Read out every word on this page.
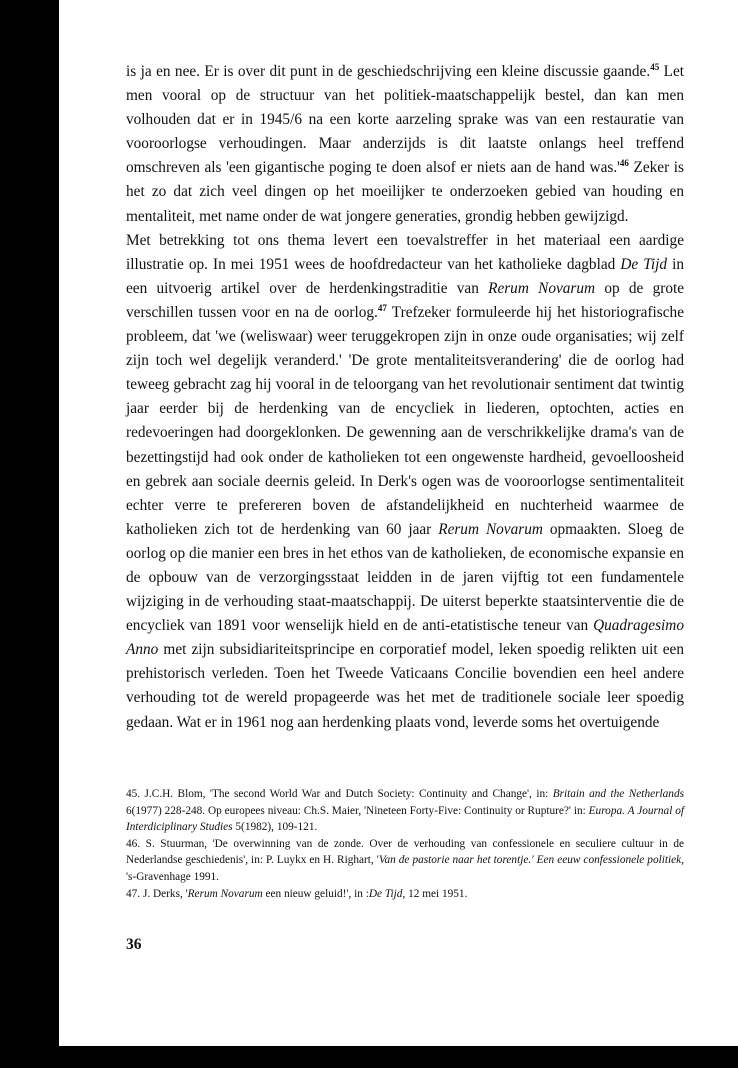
is ja en nee. Er is over dit punt in de geschiedschrijving een kleine discussie gaande.$^{45}$ Let men vooral op de structuur van het politiek-maatschappelijk bestel, dan kan men volhouden dat er in 1945/6 na een korte aarzeling sprake was van een restauratie van vooroorlogse verhoudingen. Maar anderzijds is dit laatste onlangs heel treffend omschreven als 'een gigantische poging te doen alsof er niets aan de hand $was.'^{46}$ Zeker is het zo dat zich veel dingen op het moeilijker te onderzoeken gebied van houding en mentaliteit, met name onder de wat jongere generaties, grondig hebben gewijzigd.

Met betrekking tot ons thema levert een toevalstreffer in het materiaal een aardige illustratie op. In mei 1951 wees de hoofdredacteur van het katholieke dagblad De Tijd in een uitvoerig artikel over de herdenkingstraditie van Rerum Novarum op de grote verschillen tussen voor en na de oorlog.$^{47}$ Trefzeker formuleerde hij het historiografische probleem, dat 'we (weliswaar) weer teruggekropen zijn in onze oude organisaties; wij zelf zijn toch wel degelijk veranderd.' 'De grote mentaliteitsverandering' die de oorlog had teweeg gebracht zag hij vooral in de teloorgang van het revolutionair sentiment dat twintig jaar eerder bij de herdenking van de encycliek in liederen, optochten, acties en redevoeringen had doorgeklonken. De gewenning aan de verschrikkelijke drama's van de bezettingstijd had ook onder de katholieken tot een ongewenste hardheid, gevoelloosheid en gebrek aan sociale deernis geleid. In Derk's ogen was de vooroorlogse sentimentaliteit echter verre te prefereren boven de afstandelijkheid en nuchterheid waarmee de katholieken zich tot de herdenking van 60 jaar Rerum Novarum opmaakten. Sloeg de oorlog op die manier een bres in het ethos van de katholieken, de economische expansie en de opbouw van de verzorgingsstaat leidden in de jaren vijftig tot een fundamentele wijziging in de verhouding staat-maatschappij. De uiterst beperkte staatsinterventie die de encycliek van 1891 voor wenselijk hield en de anti-etatistische teneur van Quadragesimo Anno met zijn subsidiariteitsprincipe en corporatief model, leken spoedig relikten uit een prehistorisch verleden. Toen het Tweede Vaticaans Concilie bovendien een heel andere verhouding tot de wereld propageerde was het met de traditionele sociale leer spoedig gedaan. Wat er in 1961 nog aan herdenking plaats vond, leverde soms het overtuigende

45. J.C.H. Blom, 'The second World War and Dutch Society: Continuity and Change', in: Britain and the Netherlands 6(1977) 228-248. Op europees niveau: Ch.S. Maier, 'Nineteen Forty-Five: Continuity or Rupture?' in: Europa. A Journal of Interdiciplinary Studies 5(1982), 109-121.

46. S. Stuurman, 'De overwinning van de zonde. Over de verhouding van confessionele en seculiere cultuur in de Nederlandse geschiedenis', in: P. Luykx en H. Righart, 'Van de pastorie naar het torentje.' Een eeuw confessionele politiek, 's-Gravenhage 1991.

47. J. Derks, 'Rerum Novarum een nieuw geluid!', in :De Tijd, 12 mei 1951.

36
